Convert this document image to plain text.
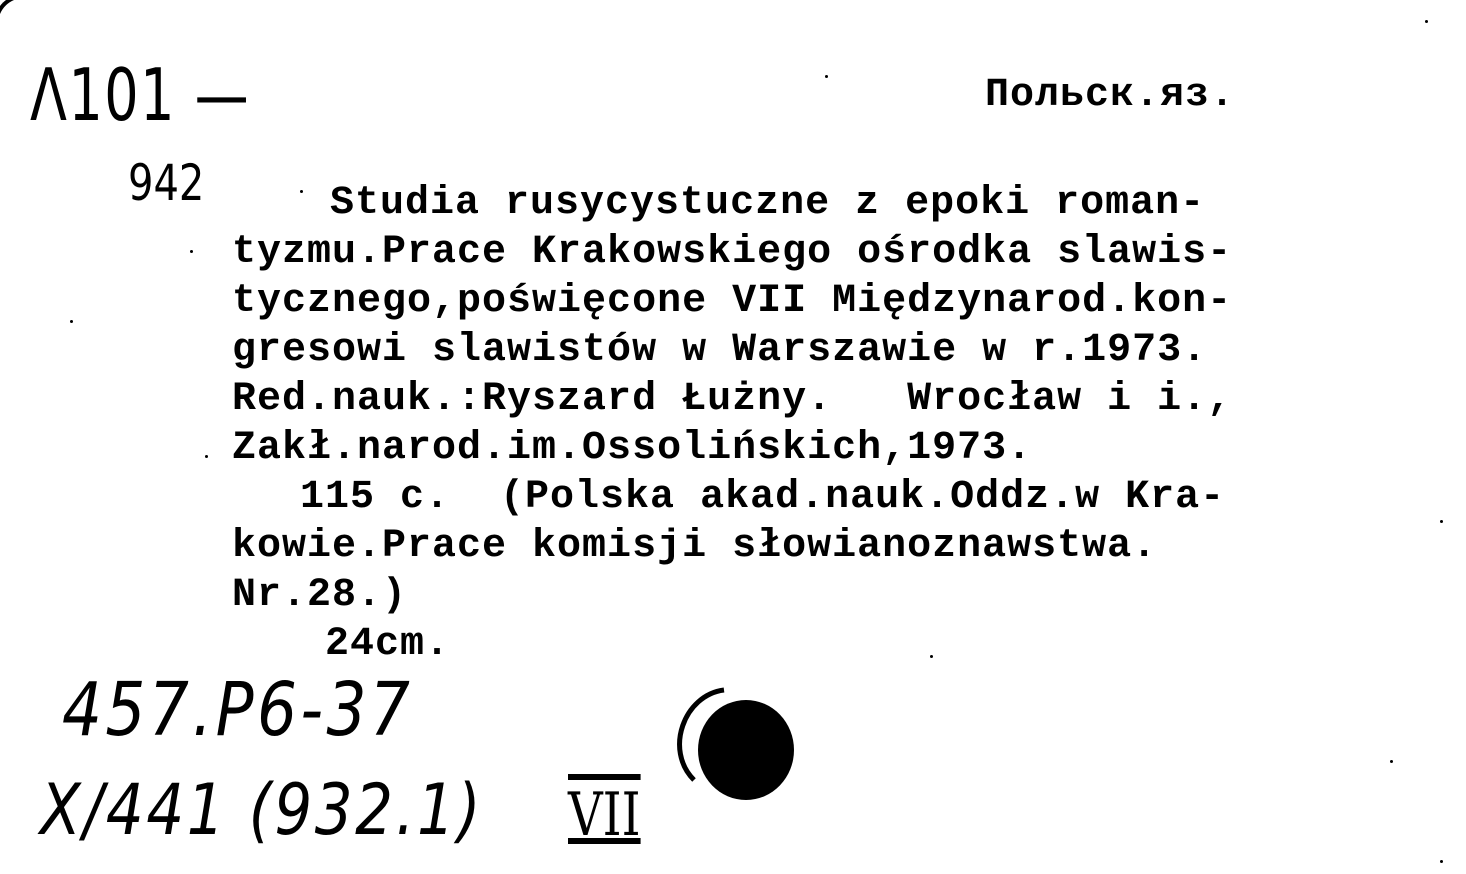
Λ101 —
942
Польск.яз.
Studia rusycystuczne z epoki roman-
tyzmu.Prace Krakowskiego ośrodka slawis-
tycznego,poświęcone VII Międzynarod.kon-
gresowi slawistów w Warszawie w r.1973.
Red.nauk.:Ryszard Łużny.   Wrocław i i.,
Zakł.narod.im.Ossolińskich,1973.
115 c.  (Polska akad.nauk.Oddz.w Kra-
kowie.Prace komisji słowianoznawstwa.
Nr.28.)
24cm.
457.P6-37
X/441 (932.1) VII
